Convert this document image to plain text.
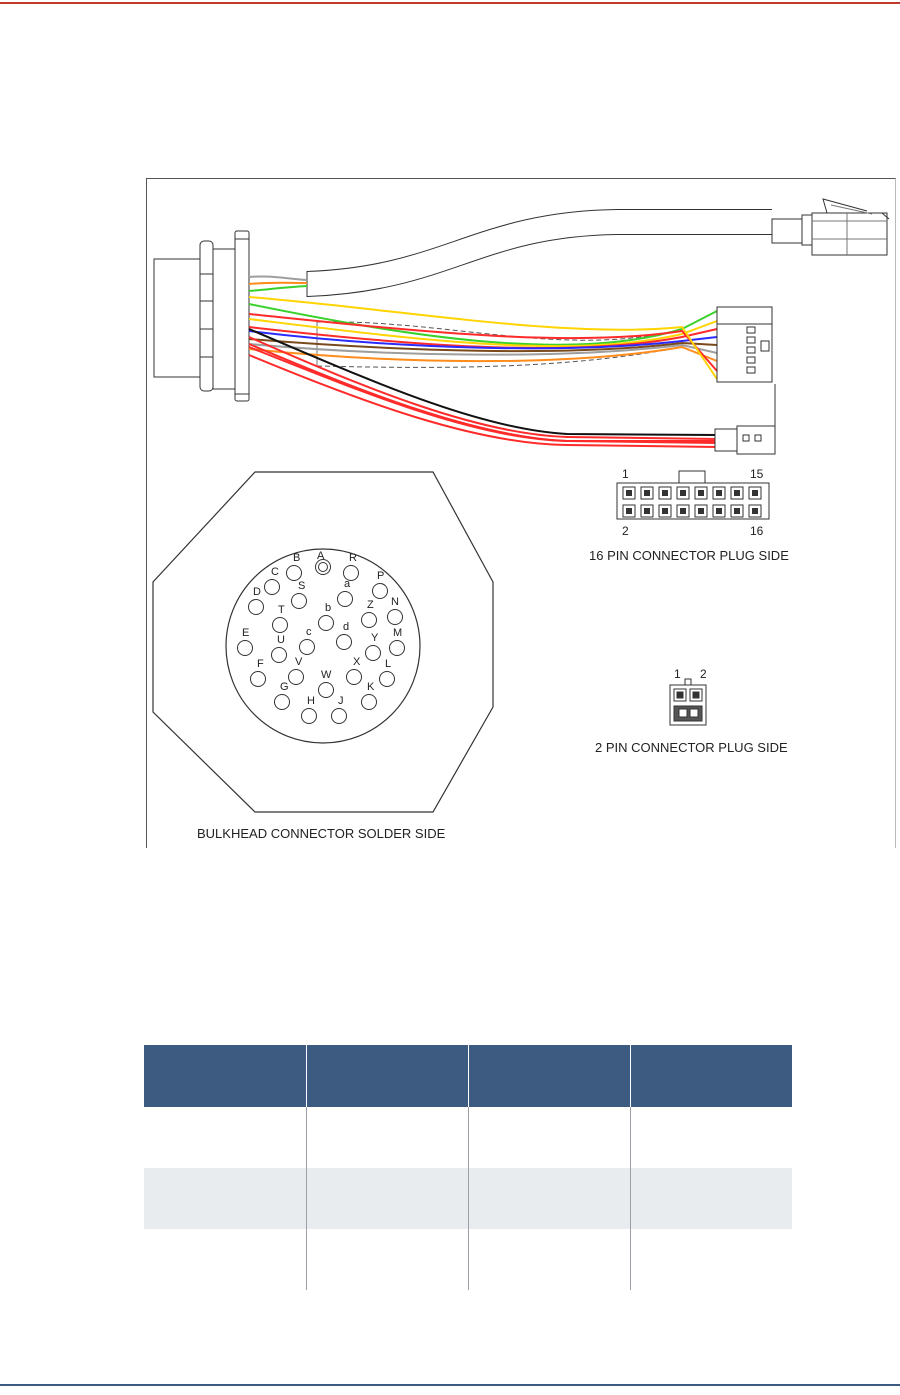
A
B
C
D
E
F
G
H J
K
L
M
N
P
R
S
T
U
V
W
X
Y
Z
a
b
c	d
1	15
2	16
16 PIN CONNECTOR PLUG SIDE
1 2
2 PIN CONNECTOR PLUG SIDE
BULKHEAD CONNECTOR SOLDER SIDE
